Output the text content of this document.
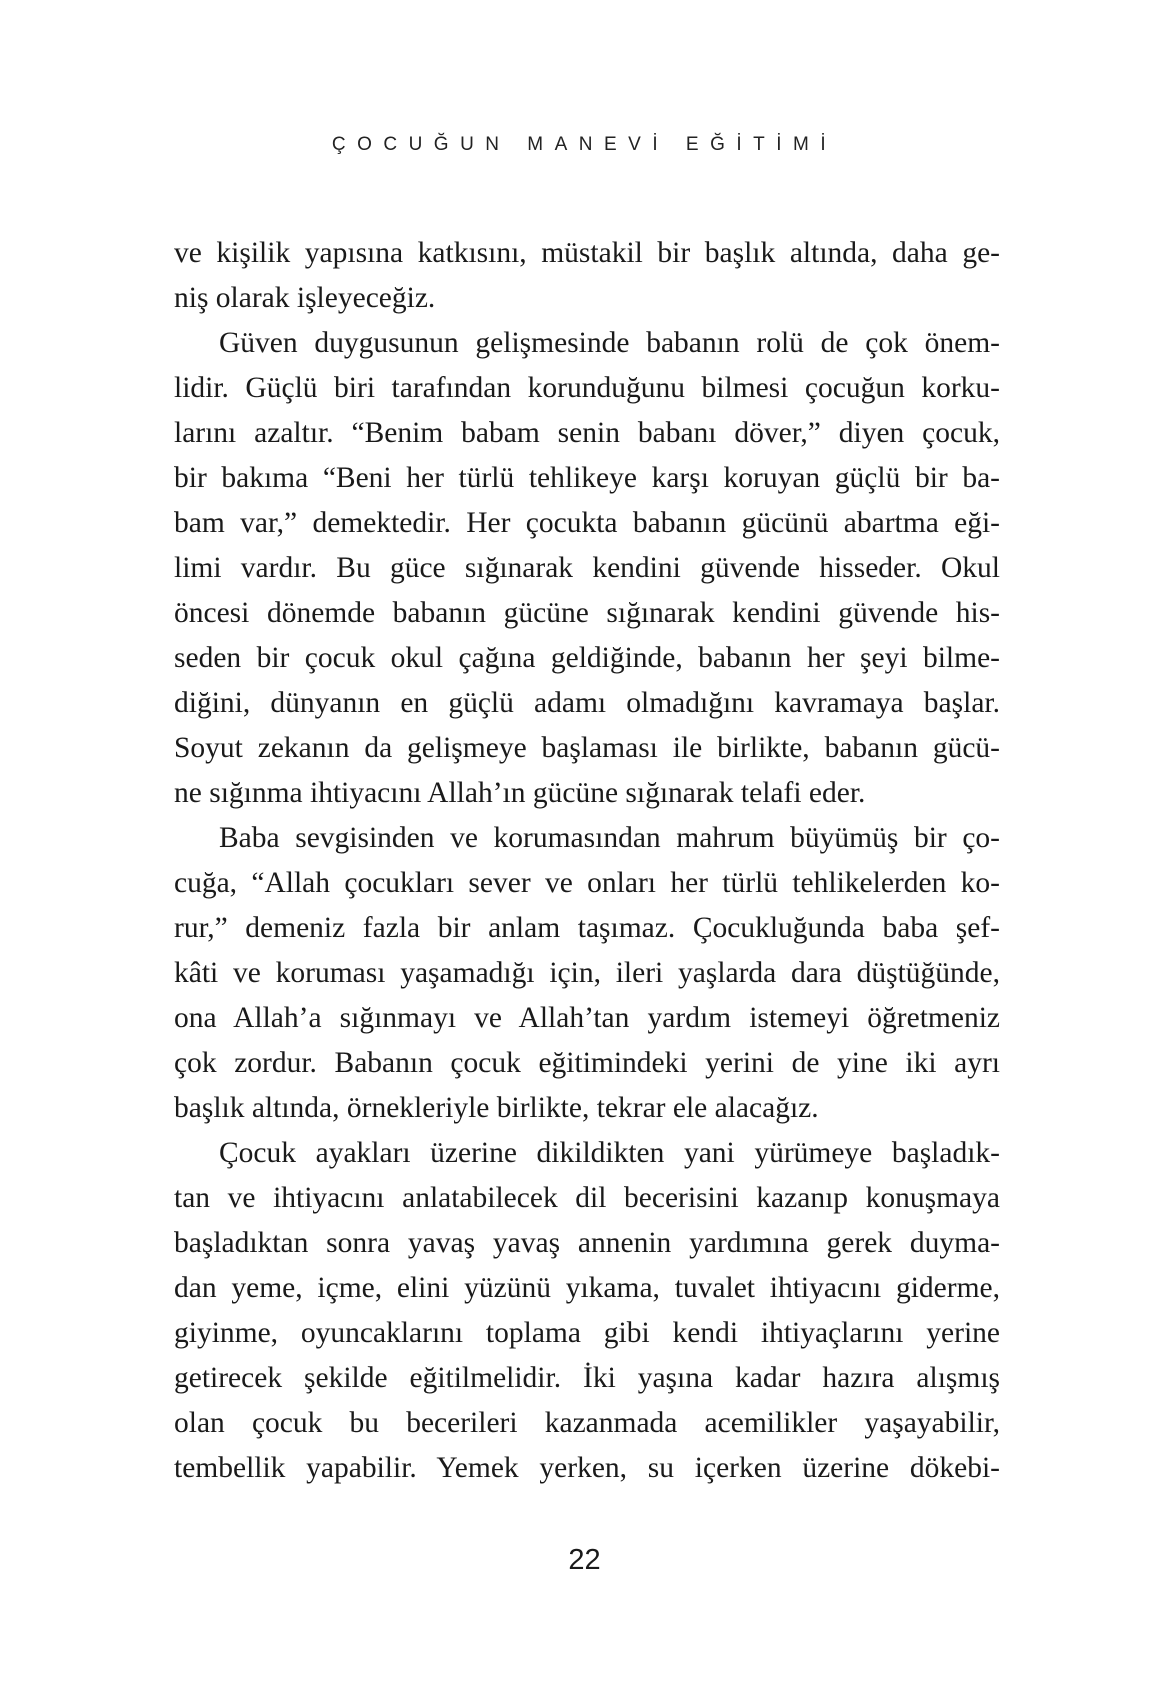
ÇOCUĞUN MANEVİ EĞİTİMİ
ve kişilik yapısına katkısını, müstakil bir başlık altında, daha ge-
niş olarak işleyeceğiz.
Güven duygusunun gelişmesinde babanın rolü de çok önem-
lidir. Güçlü biri tarafından korunduğunu bilmesi çocuğun korku-
larını azaltır. “Benim babam senin babanı döver,” diyen çocuk,
bir bakıma “Beni her türlü tehlikeye karşı koruyan güçlü bir ba-
bam var,” demektedir. Her çocukta babanın gücünü abartma eği-
limi vardır. Bu güce sığınarak kendini güvende hisseder. Okul
öncesi dönemde babanın gücüne sığınarak kendini güvende his-
seden bir çocuk okul çağına geldiğinde, babanın her şeyi bilme-
diğini, dünyanın en güçlü adamı olmadığını kavramaya başlar.
Soyut zekanın da gelişmeye başlaması ile birlikte, babanın gücü-
ne sığınma ihtiyacını Allah’ın gücüne sığınarak telafi eder.
Baba sevgisinden ve korumasından mahrum büyümüş bir ço-
cuğa, “Allah çocukları sever ve onları her türlü tehlikelerden ko-
rur,” demeniz fazla bir anlam taşımaz. Çocukluğunda baba şef-
kâti ve koruması yaşamadığı için, ileri yaşlarda dara düştüğünde,
ona Allah’a sığınmayı ve Allah’tan yardım istemeyi öğretmeniz
çok zordur. Babanın çocuk eğitimindeki yerini de yine iki ayrı
başlık altında, örnekleriyle birlikte, tekrar ele alacağız.
Çocuk ayakları üzerine dikildikten yani yürümeye başladık-
tan ve ihtiyacını anlatabilecek dil becerisini kazanıp konuşmaya
başladıktan sonra yavaş yavaş annenin yardımına gerek duyma-
dan yeme, içme, elini yüzünü yıkama, tuvalet ihtiyacını giderme,
giyinme, oyuncaklarını toplama gibi kendi ihtiyaçlarını yerine
getirecek şekilde eğitilmelidir. İki yaşına kadar hazıra alışmış
olan çocuk bu becerileri kazanmada acemilikler yaşayabilir,
tembellik yapabilir. Yemek yerken, su içerken üzerine dökebi-
22
